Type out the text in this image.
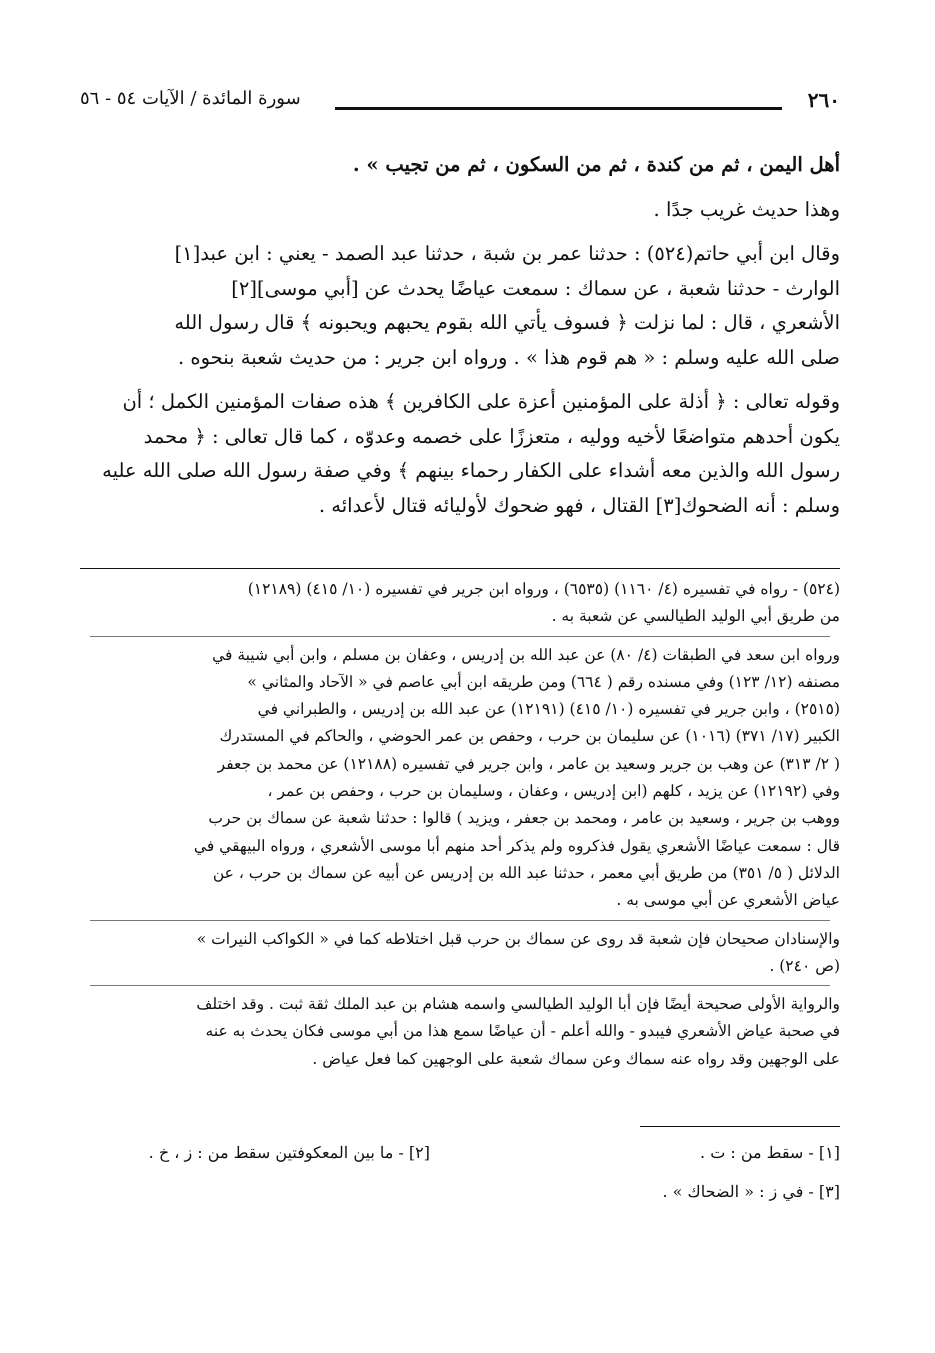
٢٦٠
سورة المائدة / الآيات ٥٤ - ٥٦
أهل اليمن ، ثم من كندة ، ثم من السكون ، ثم من تجيب » .
وهذا حديث غريب جدًا .
وقال ابن أبي حاتم(٥٢٤) : حدثنا عمر بن شبة ، حدثنا عبد الصمد - يعني : ابن عبد[١]
الوارث - حدثنا شعبة ، عن سماك : سمعت عياضًا يحدث عن [أبي موسى][٢]
الأشعري ، قال : لما نزلت ﴿ فسوف يأتي الله بقوم يحبهم ويحبونه ﴾ قال رسول الله
صلى الله عليه وسلم : « هم قوم هذا » . ورواه ابن جرير : من حديث شعبة بنحوه .
وقوله تعالى : ﴿ أذلة على المؤمنين أعزة على الكافرين ﴾ هذه صفات المؤمنين الكمل ؛ أن
يكون أحدهم متواضعًا لأخيه ووليه ، متعززًا على خصمه وعدوّه ، كما قال تعالى : ﴿ محمد
رسول الله والذين معه أشداء على الكفار رحماء بينهم ﴾ وفي صفة رسول الله صلى الله عليه
وسلم : أنه الضحوك[٣] القتال ، فهو ضحوك لأوليائه قتال لأعدائه .
(٥٢٤) - رواه في تفسيره (٤/ ١١٦٠) (٦٥٣٥) ، ورواه ابن جرير في تفسيره (١٠/ ٤١٥) (١٢١٨٩)
من طريق أبي الوليد الطيالسي عن شعبة به .
ورواه ابن سعد في الطبقات (٤/ ٨٠) عن عبد الله بن إدريس ، وعفان بن مسلم ، وابن أبي شيبة في
مصنفه (١٢/ ١٢٣) وفي مسنده رقم ( ٦٦٤) ومن طريقه ابن أبي عاصم في « الآحاد والمثاني »
(٢٥١٥) ، وابن جرير في تفسيره (١٠/ ٤١٥) (١٢١٩١) عن عبد الله بن إدريس ، والطبراني في
الكبير (١٧/ ٣٧١) (١٠١٦) عن سليمان بن حرب ، وحفص بن عمر الحوضي ، والحاكم في المستدرك
( ٢/ ٣١٣) عن وهب بن جرير وسعيد بن عامر ، وابن جرير في تفسيره (١٢١٨٨) عن محمد بن جعفر
وفي (١٢١٩٢) عن يزيد ، كلهم (ابن إدريس ، وعفان ، وسليمان بن حرب ، وحفص بن عمر ،
ووهب بن جرير ، وسعيد بن عامر ، ومحمد بن جعفر ، ويزيد ) قالوا : حدثنا شعبة عن سماك بن حرب
قال : سمعت عياضًا الأشعري يقول فذكروه ولم يذكر أحد منهم أبا موسى الأشعري ، ورواه البيهقي في
الدلائل ( ٥/ ٣٥١) من طريق أبي معمر ، حدثنا عبد الله بن إدريس عن أبيه عن سماك بن حرب ، عن
عياض الأشعري عن أبي موسى به .
والإسنادان صحيحان فإن شعبة قد روى عن سماك بن حرب قبل اختلاطه كما في « الكواكب النيرات »
(ص ٢٤٠) .
والرواية الأولى صحيحة أيضًا فإن أبا الوليد الطيالسي واسمه هشام بن عبد الملك ثقة ثبت . وقد اختلف
في صحبة عياض الأشعري فيبدو - والله أعلم - أن عياضًا سمع هذا من أبي موسى فكان يحدث به عنه
على الوجهين وقد رواه عنه سماك وعن سماك شعبة على الوجهين كما فعل عياض .
[١] - سقط من : ت .
[٢] - ما بين المعكوفتين سقط من : ز ، خ .
[٣] - في ز : « الضحاك » .
